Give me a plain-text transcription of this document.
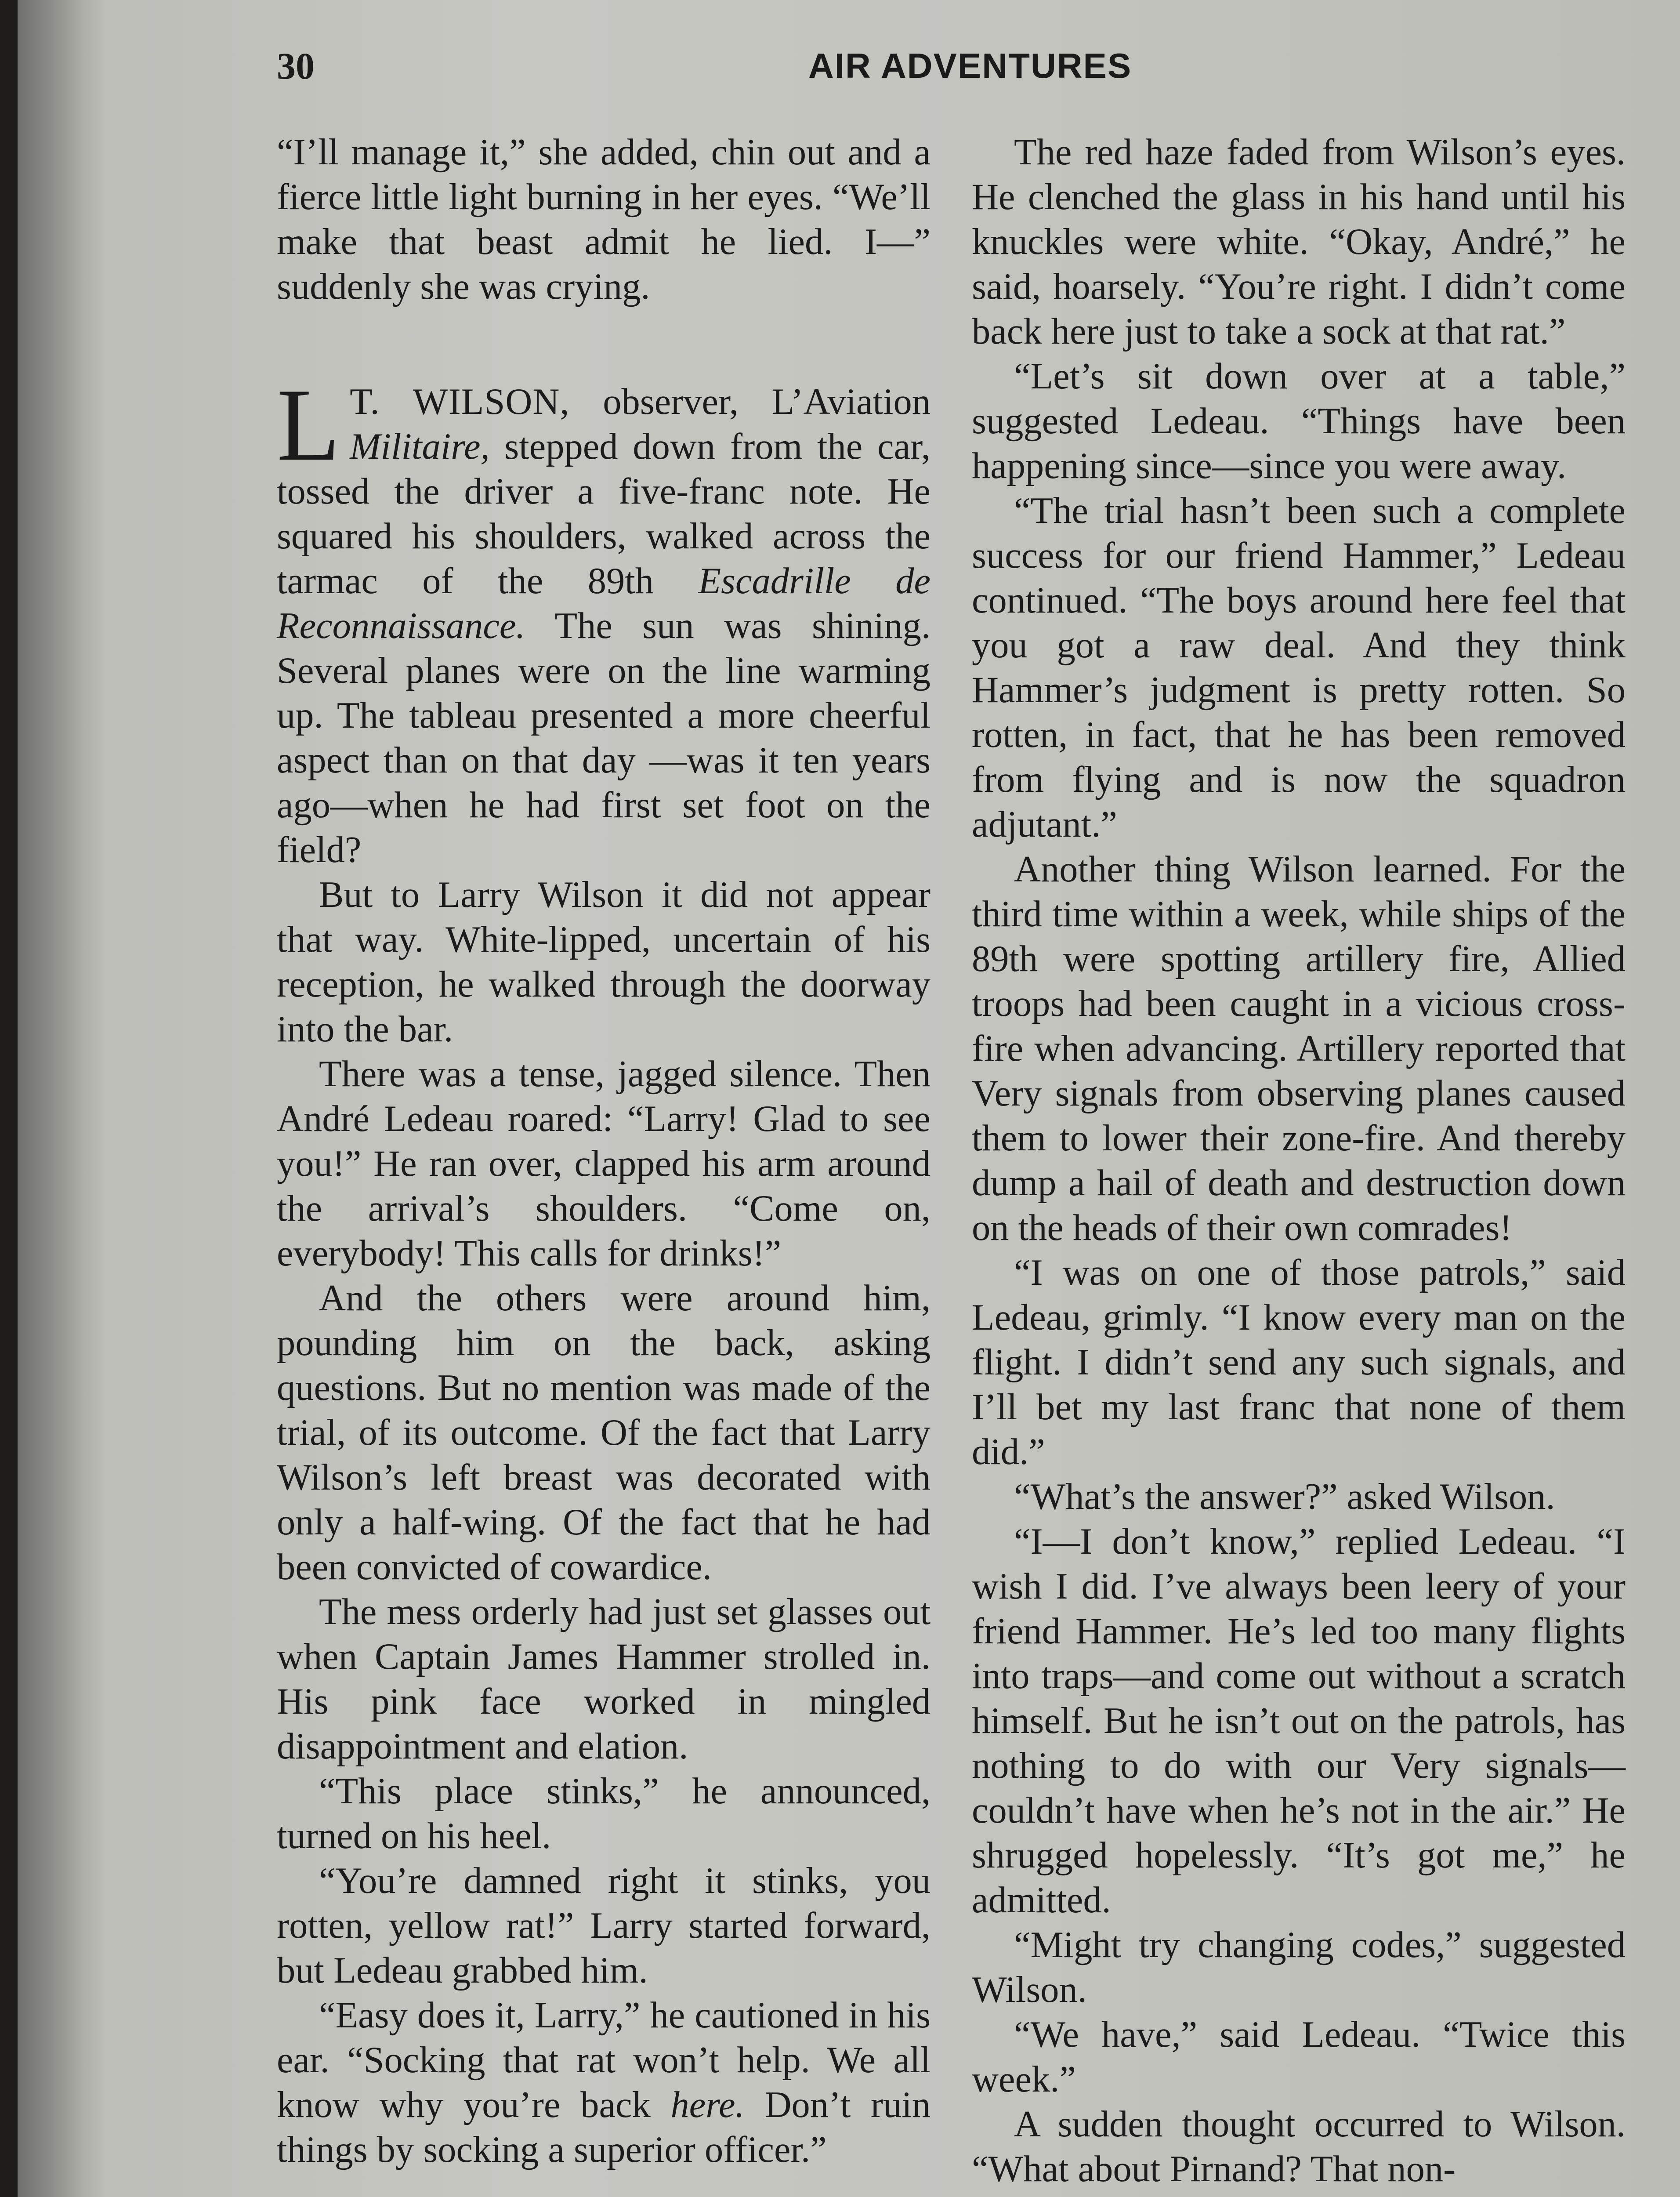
30	AIR ADVENTURES

“I’ll manage it,” she added, chin out and a fierce little light burning in her eyes. “We’ll make that beast admit he lied. I—” suddenly she was crying.

L T. WILSON, observer, L’Aviation Militaire, stepped down from the car, tossed the driver a five-franc note. He squared his shoulders, walked across the tarmac of the 89th Escadrille de Reconnaissance. The sun was shining. Several planes were on the line warming up. The tableau presented a more cheerful aspect than on that day —was it ten years ago—when he had first set foot on the field?

But to Larry Wilson it did not appear that way. White-lipped, uncertain of his reception, he walked through the doorway into the bar.

There was a tense, jagged silence. Then André Ledeau roared: “Larry! Glad to see you!” He ran over, clapped his arm around the arrival’s shoulders. “Come on, everybody! This calls for drinks!”

And the others were around him, pounding him on the back, asking questions. But no mention was made of the trial, of its outcome. Of the fact that Larry Wilson’s left breast was decorated with only a half-wing. Of the fact that he had been convicted of cowardice.

The mess orderly had just set glasses out when Captain James Hammer strolled in. His pink face worked in mingled disappointment and elation.

“This place stinks,” he announced, turned on his heel.

“You’re damned right it stinks, you rotten, yellow rat!” Larry started forward, but Ledeau grabbed him.

“Easy does it, Larry,” he cautioned in his ear. “Socking that rat won’t help. We all know why you’re back here. Don’t ruin things by socking a superior officer.”

The red haze faded from Wilson’s eyes. He clenched the glass in his hand until his knuckles were white. “Okay, André,” he said, hoarsely. “You’re right. I didn’t come back here just to take a sock at that rat.”

“Let’s sit down over at a table,” suggested Ledeau. “Things have been happening since—since you were away.

“The trial hasn’t been such a complete success for our friend Hammer,” Ledeau continued. “The boys around here feel that you got a raw deal. And they think Hammer’s judgment is pretty rotten. So rotten, in fact, that he has been removed from flying and is now the squadron adjutant.”

Another thing Wilson learned. For the third time within a week, while ships of the 89th were spotting artillery fire, Allied troops had been caught in a vicious cross-fire when advancing. Artillery reported that Very signals from observing planes caused them to lower their zone-fire. And thereby dump a hail of death and destruction down on the heads of their own comrades!

“I was on one of those patrols,” said Ledeau, grimly. “I know every man on the flight. I didn’t send any such signals, and I’ll bet my last franc that none of them did.”

“What’s the answer?” asked Wilson.

“I—I don’t know,” replied Ledeau. “I wish I did. I’ve always been leery of your friend Hammer. He’s led too many flights into traps—and come out without a scratch himself. But he isn’t out on the patrols, has nothing to do with our Very signals—couldn’t have when he’s not in the air.” He shrugged hopelessly. “It’s got me,” he admitted.

“Might try changing codes,” suggested Wilson.

“We have,” said Ledeau. “Twice this week.”

A sudden thought occurred to Wilson. “What about Pirnand? That non-
